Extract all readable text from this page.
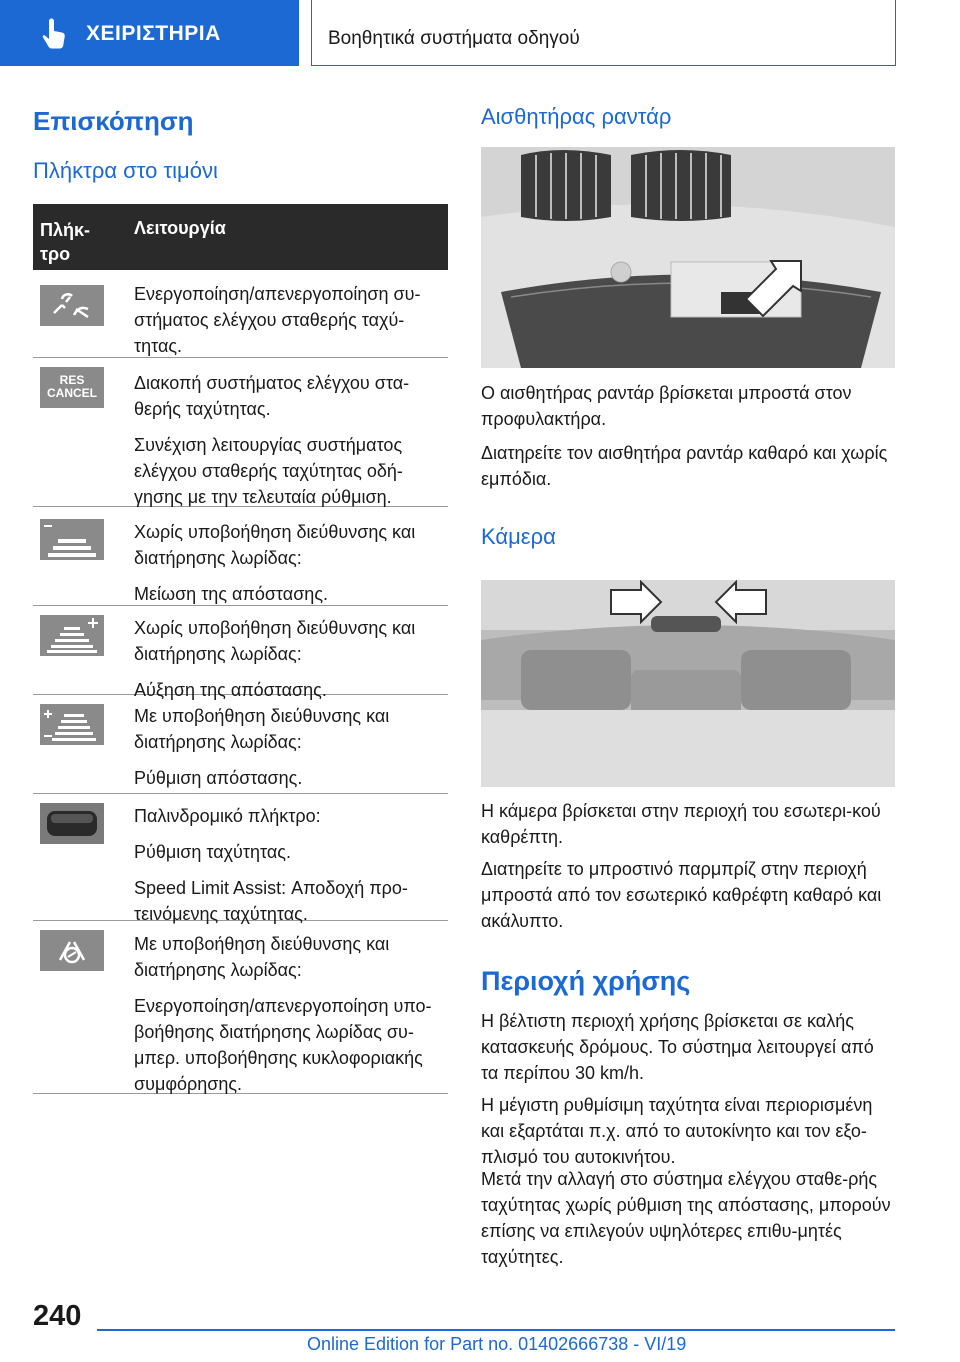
ΧΕΙΡΙΣΤΗΡΙΑ	Βοηθητικά συστήματα οδηγού
Επισκόπηση
Πλήκτρα στο τιμόνι
Πλήκ-τρο
Λειτουργία

Ενεργοποίηση/απενεργοποίηση συ-στήματος ελέγχου σταθερής ταχύ-τητας.

RES
CANCEL	Διακοπή συστήματος ελέγχου στα-θερής ταχύτητας.

Συνέχιση λειτουργίας συστήματος ελέγχου σταθερής ταχύτητας οδή-γησης με την τελευταία ρύθμιση.

Χωρίς υποβοήθηση διεύθυνσης και διατήρησης λωρίδας:

Μείωση της απόστασης.

Χωρίς υποβοήθηση διεύθυνσης και διατήρησης λωρίδας:

Αύξηση της απόστασης.

Με υποβοήθηση διεύθυνσης και διατήρησης λωρίδας:

Ρύθμιση απόστασης.

Παλινδρομικό πλήκτρο:

Ρύθμιση ταχύτητας.

Speed Limit Assist: Αποδοχή προ-τεινόμενης ταχύτητας.

Με υποβοήθηση διεύθυνσης και διατήρησης λωρίδας:

Ενεργοποίηση/απενεργοποίηση υπο-βοήθησης διατήρησης λωρίδας συ-μπερ. υποβοήθησης κυκλοφοριακής συμφόρησης.

Αισθητήρας ραντάρ
Ο αισθητήρας ραντάρ βρίσκεται μπροστά στον προφυλακτήρα.
Διατηρείτε τον αισθητήρα ραντάρ καθαρό και χωρίς εμπόδια.
Κάμερα
Η κάμερα βρίσκεται στην περιοχή του εσωτερι-κού καθρέπτη.
Διατηρείτε το μπροστινό παρμπρίζ στην περιοχή μπροστά από τον εσωτερικό καθρέφτη καθαρό και ακάλυπτο.
Περιοχή χρήσης
Η βέλτιστη περιοχή χρήσης βρίσκεται σε καλής κατασκευής δρόμους. Το σύστημα λειτουργεί από τα περίπου 30 km/h.
Η μέγιστη ρυθμίσιμη ταχύτητα είναι περιορισμένη και εξαρτάται π.χ. από το αυτοκίνητο και τον εξο-πλισμό του αυτοκινήτου.
Μετά την αλλαγή στο σύστημα ελέγχου σταθε-ρής ταχύτητας χωρίς ρύθμιση της απόστασης, μπορούν επίσης να επιλεγούν υψηλότερες επιθυ-μητές ταχύτητες.
240
Online Edition for Part no. 01402666738 - VI/19
